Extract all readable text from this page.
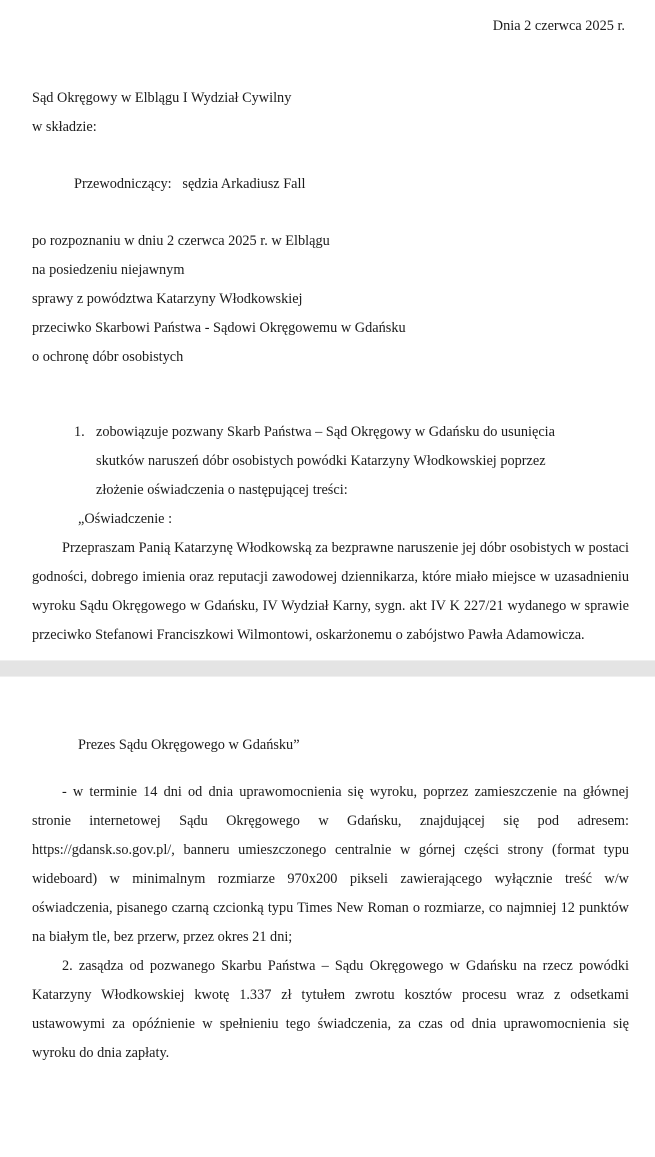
Dnia 2 czerwca 2025 r.
Sąd Okręgowy w Elblągu I Wydział Cywilny
w składzie:
Przewodniczący: sędzia Arkadiusz Fall
po rozpoznaniu w dniu 2 czerwca 2025 r. w Elblągu
na posiedzeniu niejawnym
sprawy z powództwa Katarzyny Włodkowskiej
przeciwko Skarbowi Państwa - Sądowi Okręgowemu w Gdańsku
o ochronę dóbr osobistych
1. zobowiązuje pozwany Skarb Państwa – Sąd Okręgowy w Gdańsku do usunięcia
skutków naruszeń dóbr osobistych powódki Katarzyny Włodkowskiej poprzez
złożenie oświadczenia o następującej treści:
„Oświadczenie :

Przepraszam Panią Katarzynę Włodkowską za bezprawne naruszenie jej dóbr osobistych w postaci godności, dobrego imienia oraz reputacji zawodowej dziennikarza, które miało miejsce w uzasadnieniu wyroku Sądu Okręgowego w Gdańsku, IV Wydział Karny, sygn. akt IV K 227/21 wydanego w sprawie przeciwko Stefanowi Franciszkowi Wilmontowi, oskarżonemu o zabójstwo Pawła Adamowicza.

Prezes Sądu Okręgowego w Gdańsku”

- w terminie 14 dni od dnia uprawomocnienia się wyroku, poprzez zamieszczenie na głównej stronie internetowej Sądu Okręgowego w Gdańsku, znajdującej się pod adresem: https://gdansk.so.gov.pl/, banneru umieszczonego centralnie w górnej części strony (format typu wideboard) w minimalnym rozmiarze 970x200 pikseli zawierającego wyłącznie treść w/w oświadczenia, pisanego czarną czcionką typu Times New Roman o rozmiarze, co najmniej 12 punktów na białym tle, bez przerw, przez okres 21 dni;

2. zasądza od pozwanego Skarbu Państwa – Sądu Okręgowego w Gdańsku na rzecz powódki Katarzyny Włodkowskiej kwotę 1.337 zł tytułem zwrotu kosztów procesu wraz z odsetkami ustawowymi za opóźnienie w spełnieniu tego świadczenia, za czas od dnia uprawomocnienia się wyroku do dnia zapłaty.
